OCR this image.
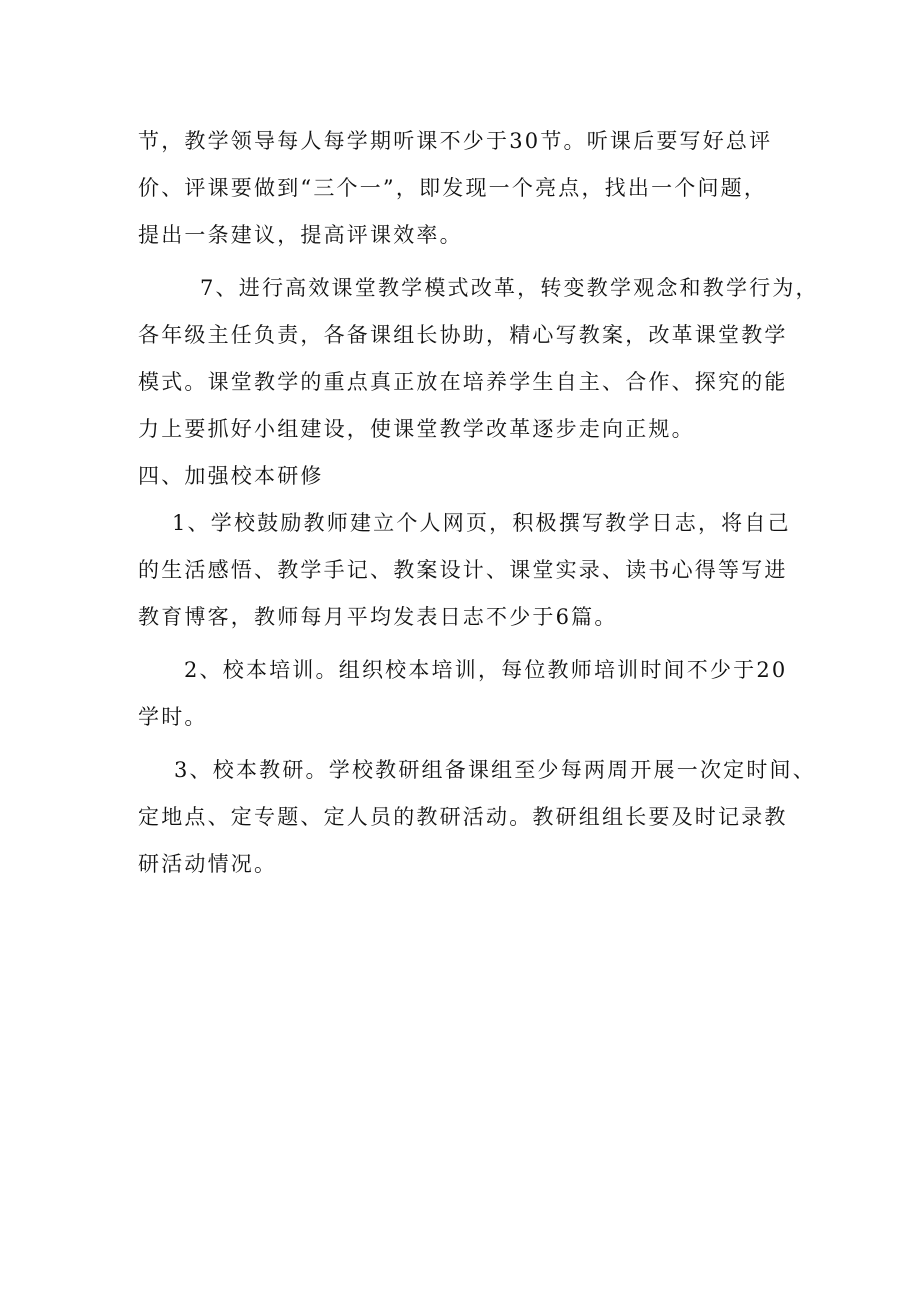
节，教学领导每人每学期听课不少于30节。听课后要写好总评
价、评课要做到“三个一”，即发现一个亮点，找出一个问题，
提出一条建议，提高评课效率。
7、进行高效课堂教学模式改革，转变教学观念和教学行为，
各年级主任负责，各备课组长协助，精心写教案，改革课堂教学
模式。课堂教学的重点真正放在培养学生自主、合作、探究的能
力上要抓好小组建设，使课堂教学改革逐步走向正规。
四、加强校本研修
1、学校鼓励教师建立个人网页，积极撰写教学日志，将自己
的生活感悟、教学手记、教案设计、课堂实录、读书心得等写进
教育博客，教师每月平均发表日志不少于6篇。
2、校本培训。组织校本培训，每位教师培训时间不少于20
学时。
3、校本教研。学校教研组备课组至少每两周开展一次定时间、
定地点、定专题、定人员的教研活动。教研组组长要及时记录教
研活动情况。
